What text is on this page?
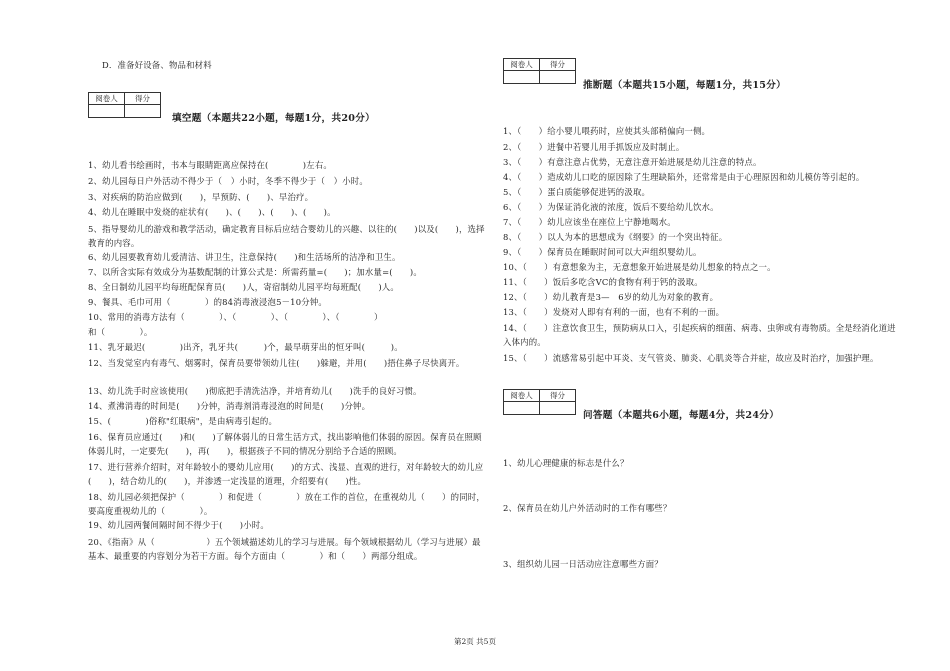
D．准备好设备、物品和材料
阅卷人	得分

填空题（本题共22小题，每题1分，共20分）
1、幼儿看书绘画时，书本与眼睛距离应保持在(　　　　)左右。
2、幼儿园每日户外活动不得少于（　）小时，冬季不得少于（　）小时。
3、对疾病的防治应做到(　　)，早预防、(　　)、早治疗。
4、幼儿在睡眠中发烧的症状有(　　)、(　　)、(　　)、(　　)。
5、指导婴幼儿的游戏和教学活动，确定教育目标后应结合婴幼儿的兴趣、以往的(　　)以及(　　)，选择教育的内容。
6、幼儿园要教育幼儿爱清洁、讲卫生，注意保持(　　)和生活场所的洁净和卫生。
7、以所含实际有效成分为基数配制的计算公式是：所需药量=(　　)；加水量=(　　)。
8、全日制幼儿园平均每班配保育员(　　)人，寄宿制幼儿园平均每班配(　　)人。
9、餐具、毛巾可用（　　　　）的84消毒液浸泡5－10分钟。
10、常用的消毒方法有（　　　　）、（　　　　）、（　　　　）、（　　　　）
和（　　　　）。
11、乳牙最迟(　　　　)出齐，乳牙共(　　　)个，最早萌芽出的恒牙叫(　　　)。
12、当发觉室内有毒气、烟雾时，保育员要带领幼儿往(　　)躲避，并用(　　)捂住鼻子尽快离开。
13、幼儿洗手时应该使用(　　)彻底把手清洗洁净，并培育幼儿(　　)洗手的良好习惯。
14、煮沸消毒的时间是(　　)分钟，消毒剂消毒浸泡的时间是(　　)分钟。
15、(　　　　)俗称"红眼病"，是由病毒引起的。
16、保育员应通过(　　)和(　　)了解体弱儿的日常生活方式，找出影响他们体弱的原因。保育员在照顾体弱儿时，一定要先(　　)，再(　　)，根据孩子不同的情况分别给予合适的照顾。
17、进行营养介绍时，对年龄较小的婴幼儿应用(　　)的方式、浅显、直观的进行，对年龄较大的幼儿应(　　)，结合幼儿的(　　)，并渗透一定浅显的道理，介绍要有(　　)性。
18、幼儿园必须把保护（　　　　）和促进（　　　　）放在工作的首位，在重视幼儿（　　）的同时，要高度重视幼儿的（　　　　）。
19、幼儿园两餐间隔时间不得少于(　　)小时。
20、《指南》从（　　　　　　）五个领域描述幼儿的学习与进展。每个领域根据幼儿（学习与进展）最基本、最重要的内容划分为若干方面。每个方面由（　　　　）和（　　）两部分组成。
阅卷人	得分

推断题（本题共15小题，每题1分，共15分）
1、（　　）给小婴儿喂药时，应使其头部稍偏向一侧。
2、（　　）进餐中若婴儿用手抓饭应及时制止。
3、（　　）有意注意占优势，无意注意开始进展是幼儿注意的特点。
4、（　　）造成幼儿口吃的原因除了生理缺陷外，还常常是由于心理原因和幼儿模仿等引起的。
5、（　　）蛋白质能够促进钙的汲取。
6、（　　）为保证消化液的浓度，饭后不要给幼儿饮水。
7、（　　）幼儿应该坐在座位上宁静地喝水。
8、（　　）以人为本的思想成为《纲要》的一个突出特征。
9、（　　）保育员在睡眠时间可以大声组织婴幼儿。
10、（　　）有意想象为主，无意想象开始进展是幼儿想象的特点之一。
11、（　　）饭后多吃含VC的食物有利于钙的汲取。
12、（　　）幼儿教育是3—　6岁的幼儿为对象的教育。
13、（　　）发烧对人即有有利的一面，也有不利的一面。
14、（　　）注意饮食卫生，预防病从口入，引起疾病的细菌、病毒、虫卵或有毒物质。全是经消化道进入体内的。
15、（　　）流感常易引起中耳炎、支气管炎、肺炎、心肌炎等合并症，故应及时治疗，加强护理。
阅卷人	得分

问答题（本题共6小题，每题4分，共24分）
1、幼儿心理健康的标志是什么？
2、保育员在幼儿户外活动时的工作有哪些？
3、组织幼儿园一日活动应注意哪些方面？
第2页 共5页
